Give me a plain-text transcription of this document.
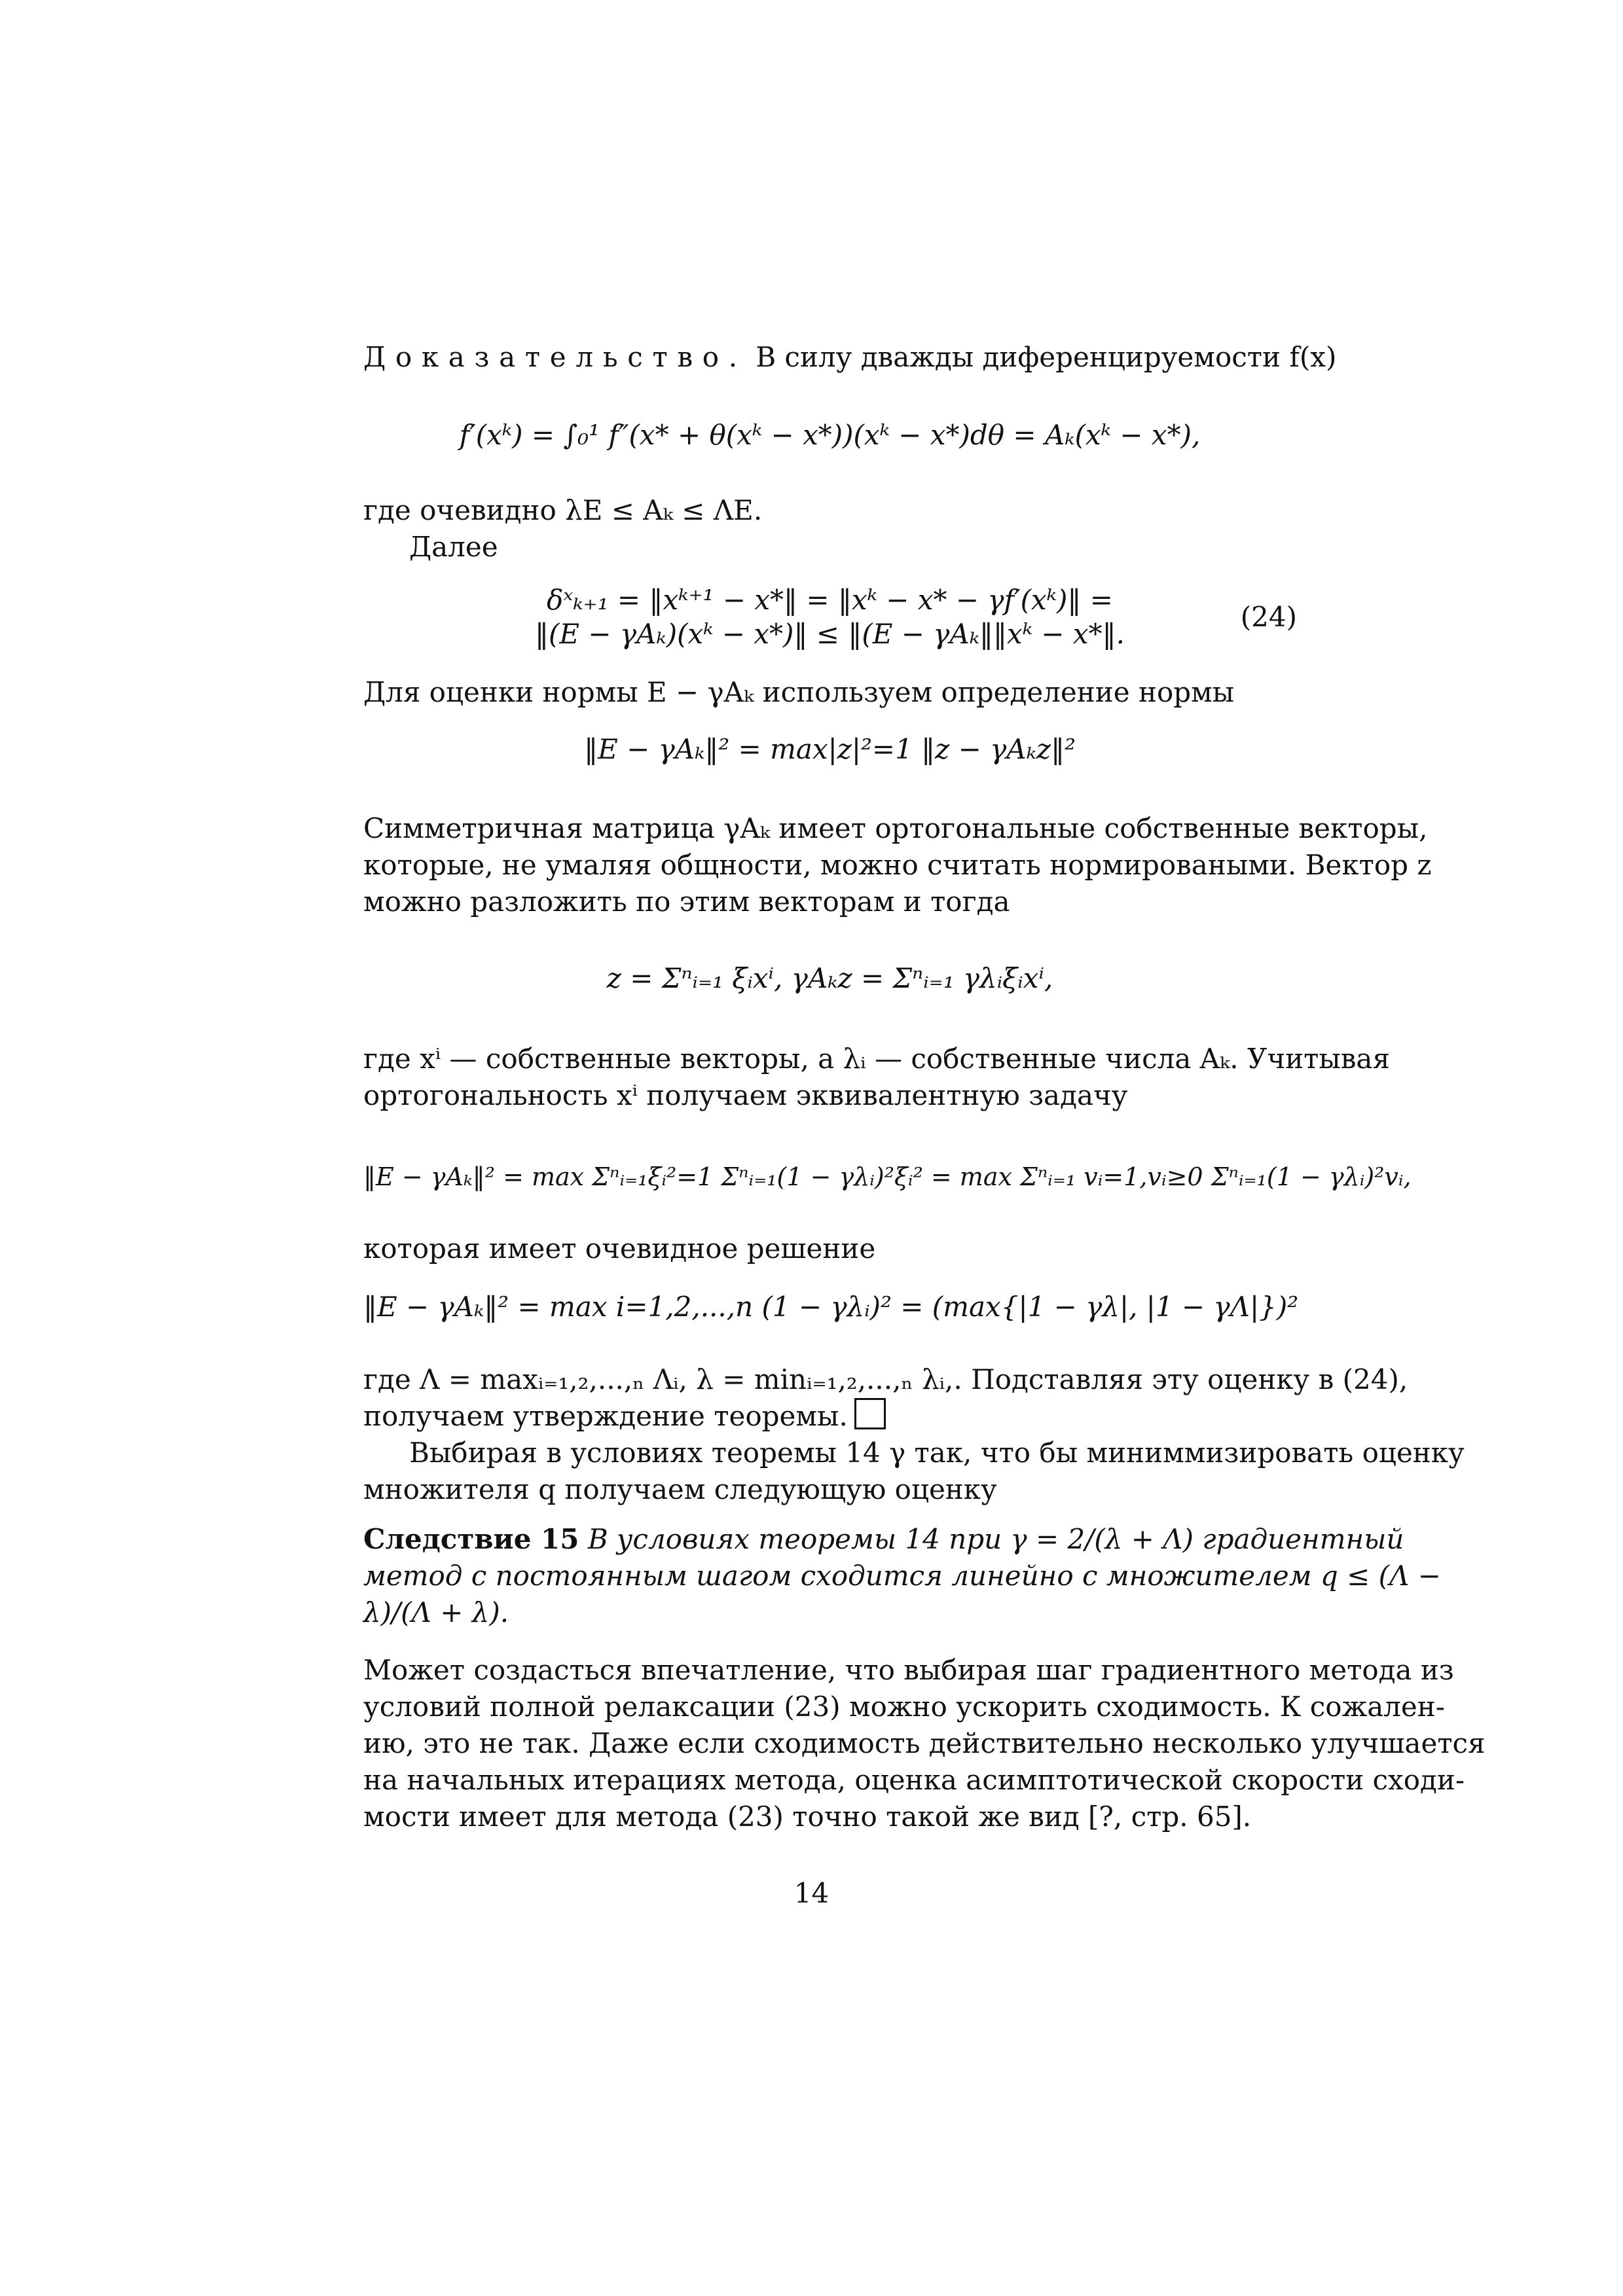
Доказательство. В силу дважды диференцируемости f(x)
f′(xᵏ) = ∫₀¹ f″(x* + θ(xᵏ − x*))(xᵏ − x*)dθ = Aₖ(xᵏ − x*),
где очевидно λE ≤ Aₖ ≤ ΛE.
Далее
δˣₖ₊₁ = ‖xᵏ⁺¹ − x*‖ = ‖xᵏ − x* − γf′(xᵏ)‖ =
‖(E − γAₖ)(xᵏ − x*)‖ ≤ ‖(E − γAₖ‖‖xᵏ − x*‖.
(24)
Для оценки нормы E − γAₖ используем определение нормы
‖E − γAₖ‖² = max|z|²=1 ‖z − γAₖz‖²
Симметричная матрица γAₖ имеет ортогональные собственные векторы,
которые, не умаляя общности, можно считать нормироваными. Вектор z
можно разложить по этим векторам и тогда
z = Σⁿᵢ₌₁ ξᵢxⁱ, γAₖz = Σⁿᵢ₌₁ γλᵢξᵢxⁱ,
где xⁱ — собственные векторы, а λᵢ — собственные числа Aₖ. Учитывая
ортогональность xⁱ получаем эквивалентную задачу
‖E − γAₖ‖² = max Σⁿᵢ₌₁ξᵢ²=1 Σⁿᵢ₌₁(1 − γλᵢ)²ξᵢ² = max Σⁿᵢ₌₁ vᵢ=1,vᵢ≥0 Σⁿᵢ₌₁(1 − γλᵢ)²vᵢ,
которая имеет очевидное решение
‖E − γAₖ‖² = max i=1,2,...,n (1 − γλᵢ)² = (max{|1 − γλ|, |1 − γΛ|})²
где Λ = maxᵢ₌₁,₂,...,ₙ Λᵢ, λ = minᵢ₌₁,₂,...,ₙ λᵢ,. Подставляя эту оценку в (24),
получаем утверждение теоремы.
Выбирая в условиях теоремы 14 γ так, что бы миниммизировать оценку
множителя q получаем следующую оценку
Следствие 15 В условиях теоремы 14 при γ = 2/(λ + Λ) градиентный
метод с постоянным шагом сходится линейно с множителем q ≤ (Λ −
λ)/(Λ + λ).
Может создасться впечатление, что выбирая шаг градиентного метода из
условий полной релаксации (23) можно ускорить сходимость. К сожален-
ию, это не так. Даже если сходимость действительно несколько улучшается
на начальных итерациях метода, оценка асимптотической скорости сходи-
мости имеет для метода (23) точно такой же вид [?, стр. 65].
14
